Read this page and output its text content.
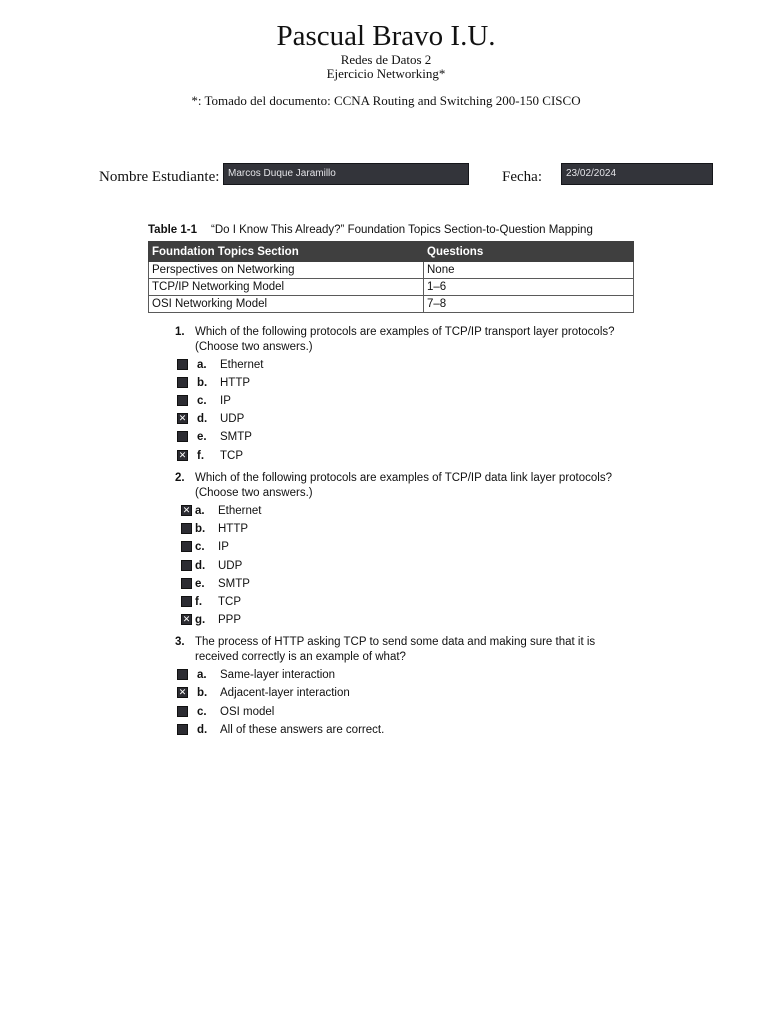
Pascual Bravo I.U.
Redes de Datos 2
Ejercicio Networking*
*: Tomado del documento: CCNA Routing and Switching 200-150 CISCO
Nombre Estudiante: Marcos Duque Jaramillo	Fecha:	23/02/2024
Table 1-1 “Do I Know This Already?” Foundation Topics Section-to-Question Mapping
Foundation Topics Section	Questions
Perspectives on Networking	None
TCP/IP Networking Model	1–6
OSI Networking Model	7–8
1. Which of the following protocols are examples of TCP/IP transport layer protocols? (Choose two answers.)
a. Ethernet
b. HTTP
c. IP
✕ d. UDP
e. SMTP
✕ f. TCP
2. Which of the following protocols are examples of TCP/IP data link layer protocols? (Choose two answers.)
✕ a. Ethernet
b. HTTP
c. IP
d. UDP
e. SMTP
f. TCP
✕ g. PPP
3. The process of HTTP asking TCP to send some data and making sure that it is received correctly is an example of what?
a. Same-layer interaction
✕ b. Adjacent-layer interaction
c. OSI model
d. All of these answers are correct.
